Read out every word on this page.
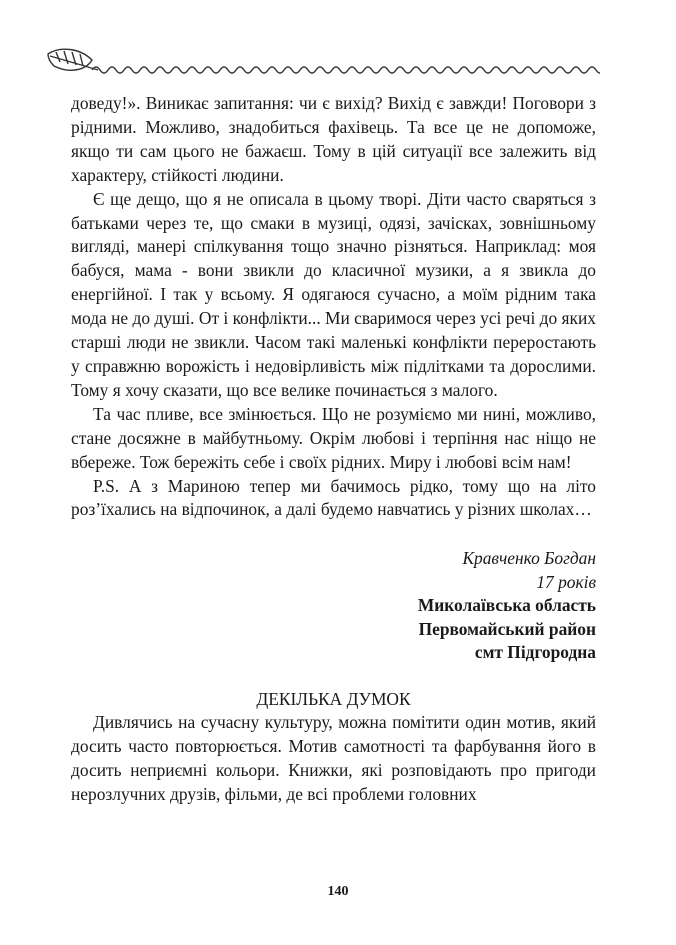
доведу!». Виникає запитання: чи є вихід? Вихід є завжди! Поговори з рідними. Можливо, знадобиться фахівець. Та все це не допоможе, якщо ти сам цього не бажаєш. Тому в цій ситуації все залежить від характеру, стійкості людини.

Є ще дещо, що я не описала в цьому творі. Діти часто сваряться з батьками через те, що смаки в музиці, одязі, зачісках, зовнішньому вигляді, манері спілкування тощо значно різняться. Наприклад: моя бабуся, мама - вони звикли до класичної музики, а я звикла до енергійної. І так у всьому. Я одягаюся сучасно, а моїм рідним така мода не до душі. От і конфлікти... Ми сваримося через усі речі до яких старші люди не звикли. Часом такі маленькі конфлікти переростають у справжню ворожість і недовірливість між підлітками та дорослими. Тому я хочу сказати, що все велике починається з малого.

Та час пливе, все змінюється. Що не розуміємо ми нині, можливо, стане досяжне в майбутньому. Окрім любові і терпіння нас ніщо не вбереже. Тож бережіть себе і своїх рідних. Миру і любові всім нам!

P.S. А з Мариною тепер ми бачимось рідко, тому що на літо роз’їхались на відпочинок, а далі будемо навчатись у різних школах…

Кравченко Богдан
17 років
Миколаївська область
Первомайський район
смт Підгородна
ДЕКІЛЬКА ДУМОК

Дивлячись на сучасну культуру, можна помітити один мотив, який досить часто повторюється. Мотив самотності та фарбування його в досить неприємні кольори. Книжки, які розповідають про пригоди нерозлучних друзів, фільми, де всі проблеми головних

140
